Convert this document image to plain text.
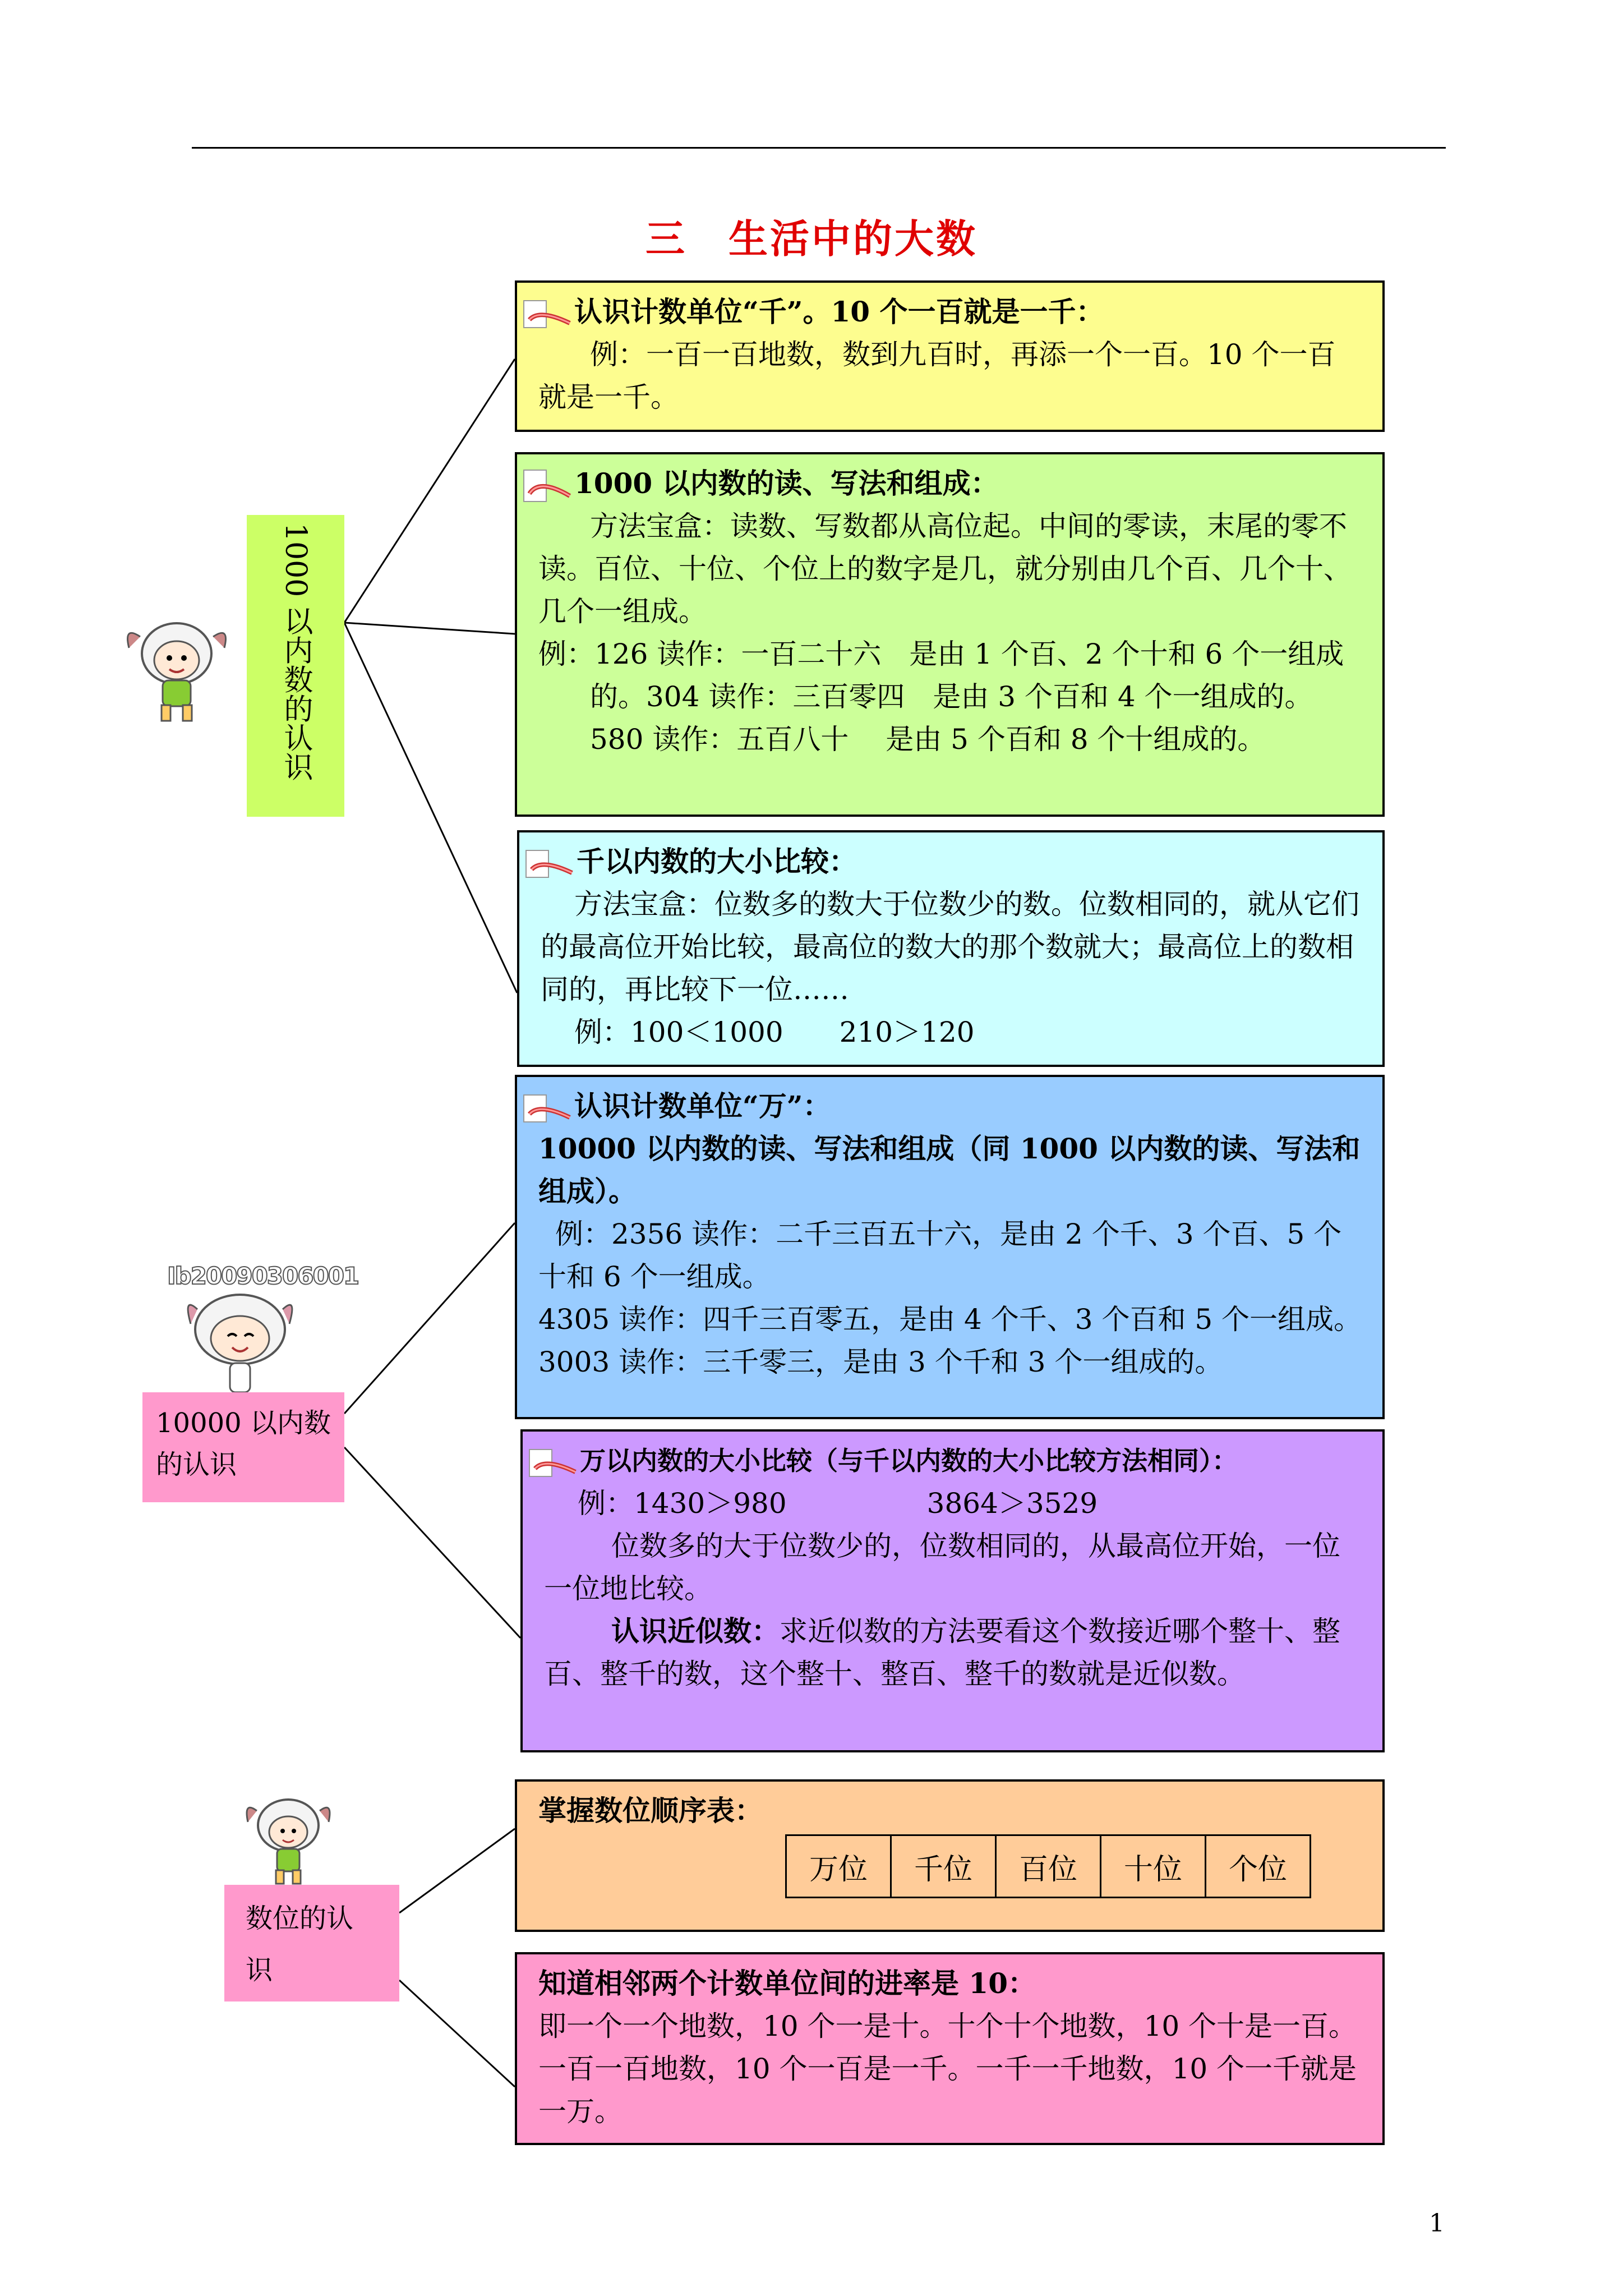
三　生活中的大数
Ib20090306001
1000 以内数的认识
10000 以内数的认识
数位的认识

认识计数单位“千”。10 个一百就是一千：

例：一百一百地数，数到九百时，再添一个一百。10 个一百就是一千。

1000 以内数的读、写法和组成：

方法宝盒：读数、写数都从高位起。中间的零读，末尾的零不读。百位、十位、个位上的数字是几，就分别由几个百、几个十、几个一组成。

例：126 读作：一百二十六　是由 1 个百、2 个十和 6 个一组成的。304 读作：三百零四　是由 3 个百和 4 个一组成的。

580 读作：五百八十　 是由 5 个百和 8 个十组成的。

千以内数的大小比较：

方法宝盒：位数多的数大于位数少的数。位数相同的，就从它们的最高位开始比较，最高位的数大的那个数就大；最高位上的数相同的，再比较下一位……

例：100＜1000　　210＞120

认识计数单位“万”：

10000 以内数的读、写法和组成（同 1000 以内数的读、写法和组成）。

例：2356 读作：二千三百五十六，是由 2 个千、3 个百、5 个十和 6 个一组成。

4305 读作：四千三百零五，是由 4 个千、3 个百和 5 个一组成。3003 读作：三千零三，是由 3 个千和 3 个一组成的。

万以内数的大小比较（与千以内数的大小比较方法相同）：

例：1430＞980　　　　　3864＞3529

位数多的大于位数少的，位数相同的，从最高位开始，一位一位地比较。

认识近似数：求近似数的方法要看这个数接近哪个整十、整百、整千的数，这个整十、整百、整千的数就是近似数。

掌握数位顺序表：

万位	千位	百位	十位	个位

知道相邻两个计数单位间的进率是 10：

即一个一个地数，10 个一是十。十个十个地数，10 个十是一百。一百一百地数，10 个一百是一千。一千一千地数，10 个一千就是一万。

1
